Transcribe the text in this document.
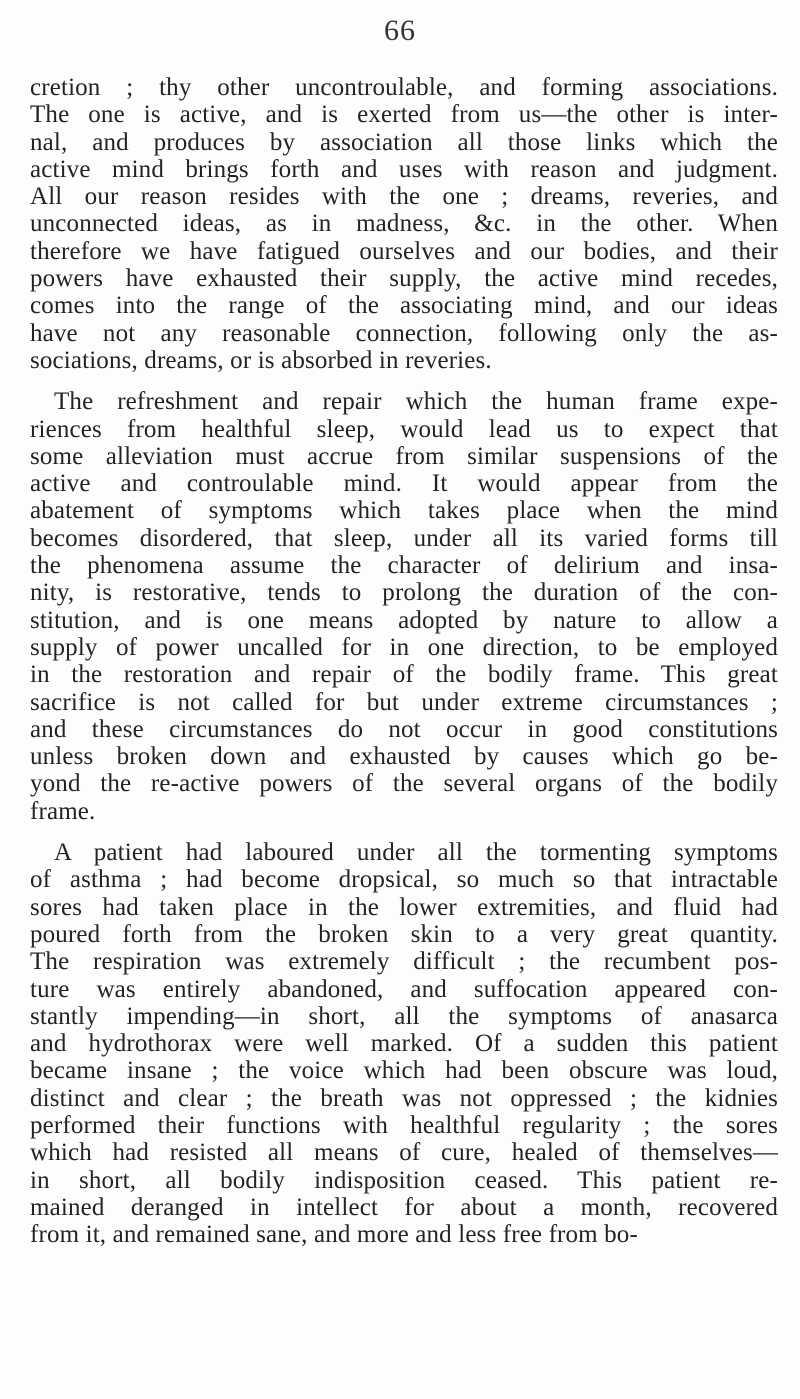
66
cretion ; thy other uncontroulable, and forming associations.
The one is active, and is exerted from us—the other is inter-
nal, and produces by association all those links which the
active mind brings forth and uses with reason and judgment.
All our reason resides with the one ; dreams, reveries, and
unconnected ideas, as in madness, &c. in the other. When
therefore we have fatigued ourselves and our bodies, and their
powers have exhausted their supply, the active mind recedes,
comes into the range of the associating mind, and our ideas
have not any reasonable connection, following only the as-
sociations, dreams, or is absorbed in reveries.
The refreshment and repair which the human frame expe-
riences from healthful sleep, would lead us to expect that
some alleviation must accrue from similar suspensions of the
active and controulable mind. It would appear from the
abatement of symptoms which takes place when the mind
becomes disordered, that sleep, under all its varied forms till
the phenomena assume the character of delirium and insa-
nity, is restorative, tends to prolong the duration of the con-
stitution, and is one means adopted by nature to allow a
supply of power uncalled for in one direction, to be employed
in the restoration and repair of the bodily frame. This great
sacrifice is not called for but under extreme circumstances ;
and these circumstances do not occur in good constitutions
unless broken down and exhausted by causes which go be-
yond the re-active powers of the several organs of the bodily
frame.
A patient had laboured under all the tormenting symptoms
of asthma ; had become dropsical, so much so that intractable
sores had taken place in the lower extremities, and fluid had
poured forth from the broken skin to a very great quantity.
The respiration was extremely difficult ; the recumbent pos-
ture was entirely abandoned, and suffocation appeared con-
stantly impending—in short, all the symptoms of anasarca
and hydrothorax were well marked. Of a sudden this patient
became insane ; the voice which had been obscure was loud,
distinct and clear ; the breath was not oppressed ; the kidnies
performed their functions with healthful regularity ; the sores
which had resisted all means of cure, healed of themselves—
in short, all bodily indisposition ceased. This patient re-
mained deranged in intellect for about a month, recovered
from it, and remained sane, and more and less free from bo-
